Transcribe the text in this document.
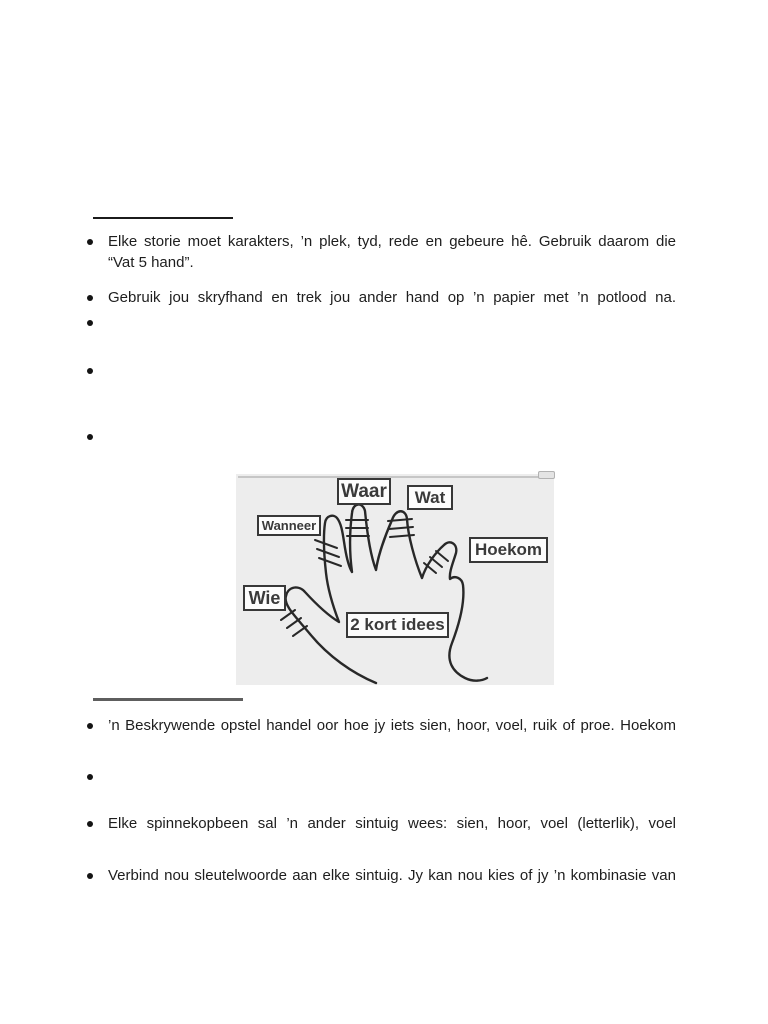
Elke storie moet karakters, ’n plek, tyd, rede en gebeure hê. Gebruik daarom die
“Vat 5 hand”.
Gebruik jou skryfhand en trek jou ander hand op ’n papier met ’n potlood na.
Waar	Wat
Wanneer
Hoekom
Wie
2 kort idees
’n Beskrywende opstel handel oor hoe jy iets sien, hoor, voel, ruik of proe. Hoekom
Elke spinnekopbeen sal ’n ander sintuig wees: sien, hoor, voel (letterlik), voel
Verbind nou sleutelwoorde aan elke sintuig. Jy kan nou kies of jy ’n kombinasie van
